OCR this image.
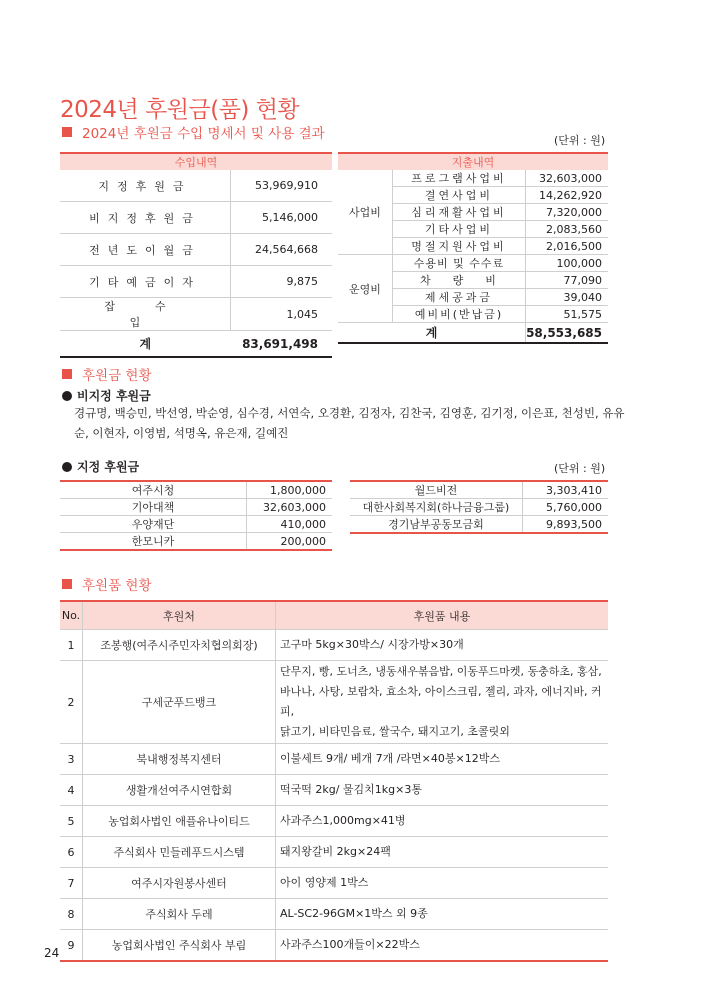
2024년 후원금(품) 현황
2024년 후원금 수입 명세서 및 사용 결과	(단위 : 원)
수입내역	
지정후원금	53,969,910
비지정후원금	5,146,000
전년도이월금	24,564,668
기타예금이자	9,875
잡수입	1,045
계	83,691,498
지출내역		
사업비	프로그램사업비	32,603,000
	결연사업비	14,262,920
	심리재활사업비	7,320,000
	기타사업비	2,083,560
	명절지원사업비	2,016,500
운영비	수용비 및 수수료	100,000
	차량비	77,090
	제세공과금	39,040
	예비비(반납금)	51,575
계		58,553,685
후원금 현황
비지정 후원금
경규명, 백승민, 박선영, 박순영, 심수경, 서연숙, 오경환, 김정자, 김찬국, 김영훈, 김기정, 이은표, 천성빈, 유유순, 이현자, 이영범, 석명옥, 유은재, 길예진
지정 후원금	(단위 : 원)
여주시청	1,800,000
기아대책	32,603,000
우양재단	410,000
한모니카	200,000
월드비전	3,303,410
대한사회복지회(하나금융그룹)	5,760,000
경기남부공동모금회	9,893,500
후원품 현황
No.	후원처	후원품 내용
1	조봉행(여주시주민자치협의회장)	고구마 5kg×30박스/ 시장가방×30개

2	구세군푸드뱅크	단무지, 빵, 도너츠, 냉동새우볶음밥, 이동푸드마켓, 동충하초, 홍삼,
바나나, 사탕, 보람차, 효소차, 아이스크림, 젤리, 과자, 에너지바, 커피,
닭고기, 비타민음료, 쌀국수, 돼지고기, 초콜릿외

3	북내행정복지센터	이불세트 9개/ 베개 7개 /라면×40봉×12박스

4	생활개선여주시연합회	떡국떡 2kg/ 물김치1kg×3통

5	농업회사법인 애플유나이티드	사과주스1,000mg×41병

6	주식회사 민들레푸드시스템	돼지왕갈비 2kg×24팩

7	여주시자원봉사센터	아이 영양제 1박스

8	주식회사 두레	AL-SC2-96GM×1박스 외 9종

9	농업회사법인 주식회사 부림	사과주스100개들이×22박스
24
